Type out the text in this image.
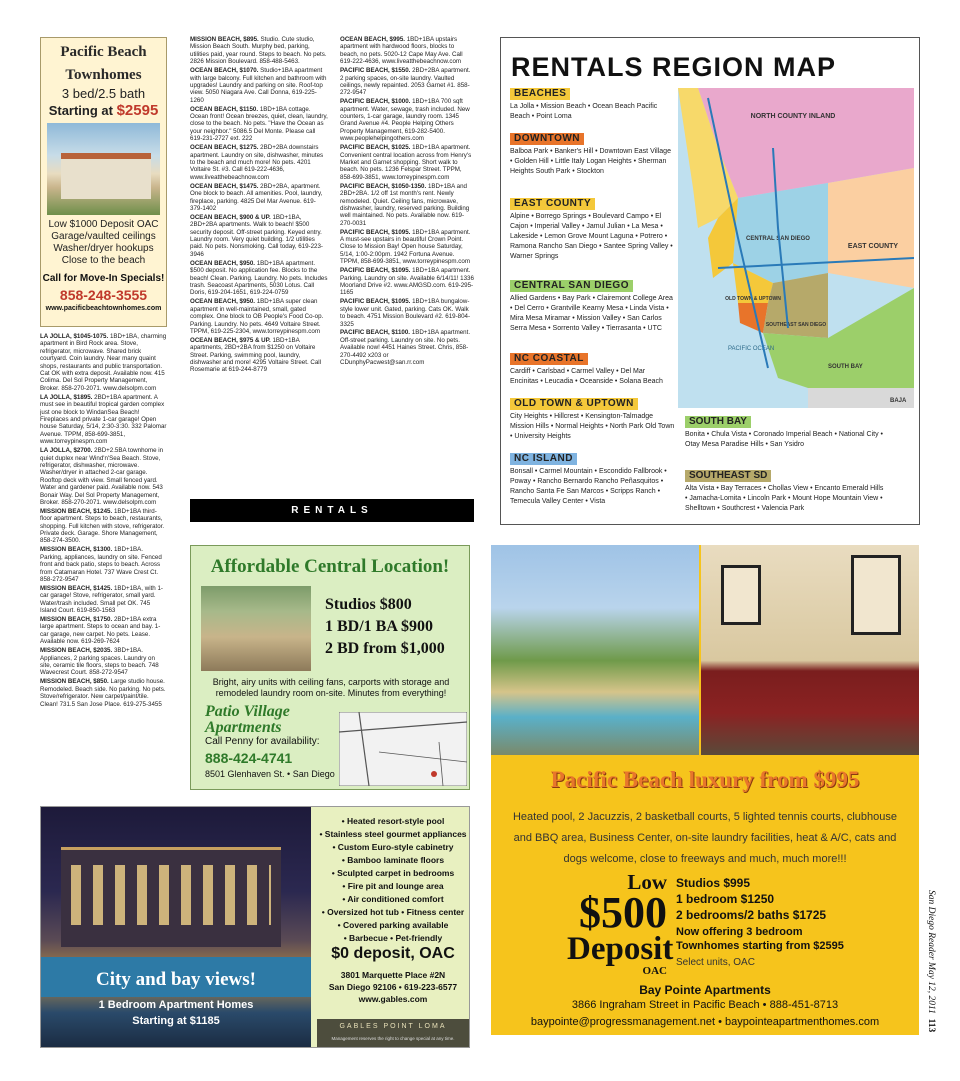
Pacific Beach
Townhomes
3 bed/2.5 bath
Starting at $2595
Low $1000 Deposit OAC
Garage/vaulted ceilings
Washer/dryer hookups
Close to the beach
Call for Move-In Specials!
858-248-3555
www.pacificbeachtownhomes.com

LA JOLLA, $1045-1075. 1BD+1BA, charming apartment in Bird Rock area. Stove, refrigerator, microwave. Shared brick courtyard. Coin laundry. Near many quaint shops, restaurants and public transportation. Cat OK with extra deposit. Available now. 415 Colima. Del Sol Property Management, Broker. 858-270-2071. www.delsolpm.com

LA JOLLA, $1895. 2BD+1BA apartment. A must see in beautiful tropical garden complex just one block to WindanSea Beach! Fireplaces and private 1-car garage! Open house Saturday, 5/14, 2:30-3:30. 332 Palomar Avenue. TPPM, 858-699-3851, www.torreypinespm.com

LA JOLLA, $2700. 2BD+2.5BA townhome in quiet duplex near Wind'n'Sea Beach. Stove, refrigerator, dishwasher, microwave. Washer/dryer in attached 2-car garage. Rooftop deck with view. Small fenced yard. Water and gardener paid. Available now. 543 Bonair Way. Del Sol Property Management, Broker. 858-270-2071. www.delsolpm.com

MISSION BEACH, $1245. 1BD+1BA third-floor apartment. Steps to beach, restaurants, shopping. Full kitchen with stove, refrigerator. Private deck. Garage. Shore Management, 858-274-3500.

MISSION BEACH, $1300. 1BD+1BA. Parking, appliances, laundry on site. Fenced front and back patio, steps to beach. Across from Catamaran Hotel. 737 Wave Crest Ct. 858-272-9547

MISSION BEACH, $1425. 1BD+1BA, with 1-car garage! Stove, refrigerator, small yard. Water/trash included. Small pet OK. 745 Island Court. 619-850-1563

MISSION BEACH, $1750. 2BD+1BA extra large apartment. Steps to ocean and bay. 1-car garage, new carpet. No pets. Lease. Available now. 619-269-7624

MISSION BEACH, $2035. 3BD+1BA. Appliances, 2 parking spaces. Laundry on site, ceramic tile floors, steps to beach. 748 Wavecrest Court. 858-272-9547

MISSION BEACH, $850. Large studio house. Remodeled. Beach side. No parking. No pets. Stove/refrigerator. New carpet/paint/tile. Clean! 731.5 San Jose Place. 619-275-3455

MISSION BEACH, $895. Studio. Cute studio, Mission Beach South. Murphy bed, parking, utilities paid, year round. Steps to beach. No pets. 2826 Mission Boulevard. 858-488-5463.

OCEAN BEACH, $1070. Studio+1BA apartment with large balcony. Full kitchen and bathroom with upgrades! Laundry and parking on site. Roof-top view. 5050 Niagara Ave. Call Donna, 619-225-1260

OCEAN BEACH, $1150. 1BD+1BA cottage. Ocean front! Ocean breezes, quiet, clean, laundry, close to the beach. No pets. "Have the Ocean as your neighbor." 5086.5 Del Monte. Please call 619-231-2727 ext. 222

OCEAN BEACH, $1275. 2BD+2BA downstairs apartment. Laundry on site, dishwasher, minutes to the beach and much more! No pets. 4201 Voltaire St. #3. Call 619-222-4636, www.liveatthebeachnow.com

OCEAN BEACH, $1475. 2BD+2BA, apartment. One block to beach. All amenities. Pool, laundry, fireplace, parking. 4825 Del Mar Avenue. 619-379-1402

OCEAN BEACH, $900 & UP. 1BD+1BA, 2BD+2BA apartments. Walk to beach! $500 security deposit. Off-street parking. Keyed entry. Laundry room. Very quiet building. 1/2 utilities paid. No pets. Nonsmoking. Call today, 619-223-3946

OCEAN BEACH, $950. 1BD+1BA apartment. $500 deposit. No application fee. Blocks to the beach! Clean. Parking. Laundry. No pets. Includes trash. Seacoast Apartments, 5030 Lotus. Call Doris, 619-204-1651, 619-224-0759

OCEAN BEACH, $950. 1BD+1BA super clean apartment in well-maintained, small, gated complex. One block to OB People's Food Co-op. Parking. Laundry. No pets. 4649 Voltaire Street. TPPM, 619-225-2304, www.torreypinespm.com

OCEAN BEACH, $975 & UP. 1BD+1BA apartments, 2BD+2BA from $1250 on Voltaire Street. Parking, swimming pool, laundry, dishwasher and more! 4295 Voltaire Street. Call Rosemarie at 619-244-8779

OCEAN BEACH, $995. 1BD+1BA upstairs apartment with hardwood floors, blocks to beach, no pets. 5020-12 Cape May Ave. Call 619-222-4636, www.liveatthebeachnow.com

PACIFIC BEACH, $1550. 2BD+2BA apartment. 2 parking spaces, on-site laundry. Vaulted ceilings, newly repainted. 2053 Garnet #1. 858-272-9547

PACIFIC BEACH, $1000. 1BD+1BA 700 sqft apartment. Water, sewage, trash included. New counters, 1-car garage, laundry room. 1345 Grand Avenue #4. People Helping Others Property Management, 619-282-5400. www.peoplehelpingothers.com

PACIFIC BEACH, $1025. 1BD+1BA apartment. Convenient central location across from Henry's Market and Garnet shopping. Short walk to beach. No pets. 1236 Felspar Street. TPPM, 858-699-3851, www.torreypinespm.com

PACIFIC BEACH, $1050-1350. 1BD+1BA and 2BD+2BA. 1/2 off 1st month's rent. Newly remodeled. Quiet. Ceiling fans, microwave, dishwasher, laundry, reserved parking. Building well maintained. No pets. Available now. 619-270-0031

PACIFIC BEACH, $1095. 1BD+1BA apartment. A must-see upstairs in beautiful Crown Point. Close to Mission Bay! Open house Saturday, 5/14, 1:00-2:00pm. 1942 Fortuna Avenue. TPPM, 858-699-3851, www.torreypinespm.com

PACIFIC BEACH, $1095. 1BD+1BA apartment. Parking. Laundry on site. Available 6/14/11! 1336 Moorland Drive #2. www.AMGSD.com. 619-295-1165

PACIFIC BEACH, $1095. 1BD+1BA bungalow-style lower unit. Gated, parking. Cats OK. Walk to beach. 4751 Mission Boulevard #2. 619-804-3325

PACIFIC BEACH, $1100. 1BD+1BA apartment. Off-street parking. Laundry on site. No pets. Available now! 4451 Haines Street. Chris, 858-270-4492 x203 or CDunphyPacwest@san.rr.com

RENTALS
RENTALS REGION MAP
BEACHES
La Jolla • Mission Beach • Ocean Beach Pacific Beach • Point Loma
DOWNTOWN
Balboa Park • Banker's Hill • Downtown East Village • Golden Hill • Little Italy Logan Heights • Sherman Heights South Park • Stockton
EAST COUNTY
Alpine • Borrego Springs • Boulevard Campo • El Cajon • Imperial Valley • Jamul Julian • La Mesa • Lakeside • Lemon Grove Mount Laguna • Potrero • Ramona Rancho San Diego • Santee Spring Valley • Warner Springs
CENTRAL SAN DIEGO
Allied Gardens • Bay Park • Clairemont College Area • Del Cerro • Grantville Kearny Mesa • Linda Vista • Mira Mesa Miramar • Mission Valley • San Carlos Serra Mesa • Sorrento Valley • Tierrasanta • UTC
NC COASTAL
Cardiff • Carlsbad • Carmel Valley • Del Mar Encinitas • Leucadia • Oceanside • Solana Beach
OLD TOWN & UPTOWN
City Heights • Hillcrest • Kensington-Talmadge Mission Hills • Normal Heights • North Park Old Town • University Heights
NC ISLAND
Bonsall • Carmel Mountain • Escondido Fallbrook • Poway • Rancho Bernardo Rancho Peñasquitos • Rancho Santa Fe San Marcos • Scripps Ranch • Temecula Valley Center • Vista
NORTH COUNTY INLAND
CENTRAL SAN DIEGO
EAST COUNTY
OLD TOWN & UPTOWN
SOUTHEAST SAN DIEGO
PACIFIC OCEAN
SOUTH BAY
BAJA
SOUTH BAY
Bonita • Chula Vista • Coronado Imperial Beach • National City • Otay Mesa Paradise Hills • San Ysidro
SOUTHEAST SD
Alta Vista • Bay Terraces • Chollas View • Encanto Emerald Hills • Jamacha-Lomita • Lincoln Park • Mount Hope Mountain View • Shelltown • Southcrest • Valencia Park
Affordable Central Location!
Studios $800
1 BD/1 BA $900
2 BD from $1,000
Bright, airy units with ceiling fans, carports with storage and remodeled laundry room on-site. Minutes from everything!
Patio Village
Apartments
Call Penny for availability:
888-424-4741
8501 Glenhaven St. • San Diego
City and bay views!
1 Bedroom Apartment Homes
Starting at $1185
• Heated resort-style pool
• Stainless steel gourmet appliances
• Custom Euro-style cabinetry
• Bamboo laminate floors
• Sculpted carpet in bedrooms
• Fire pit and lounge area
• Air conditioned comfort
• Oversized hot tub • Fitness center
• Covered parking available
• Barbecue • Pet-friendly
$0 deposit, OAC
3801 Marquette Place #2N
San Diego 92106 • 619-223-6577
www.gables.com
GABLES POINT LOMA
Management reserves the right to change special at any time.
Pacific Beach luxury from $995
Heated pool, 2 Jacuzzis, 2 basketball courts, 5 lighted tennis courts, clubhouse and BBQ area, Business Center, on-site laundry facilities, heat & A/C, cats and dogs welcome, close to freeways and much, much more!!!
Low
$500
Deposit
OAC
Studios $995
1 bedroom $1250
2 bedrooms/2 baths $1725
Now offering 3 bedroom
Townhomes starting from $2595
Select units, OAC
Bay Pointe Apartments
3866 Ingraham Street in Pacific Beach • 888-451-8713
baypointe@progressmanagement.net • baypointeapartmenthomes.com
San Diego Reader May 12, 2011  113
